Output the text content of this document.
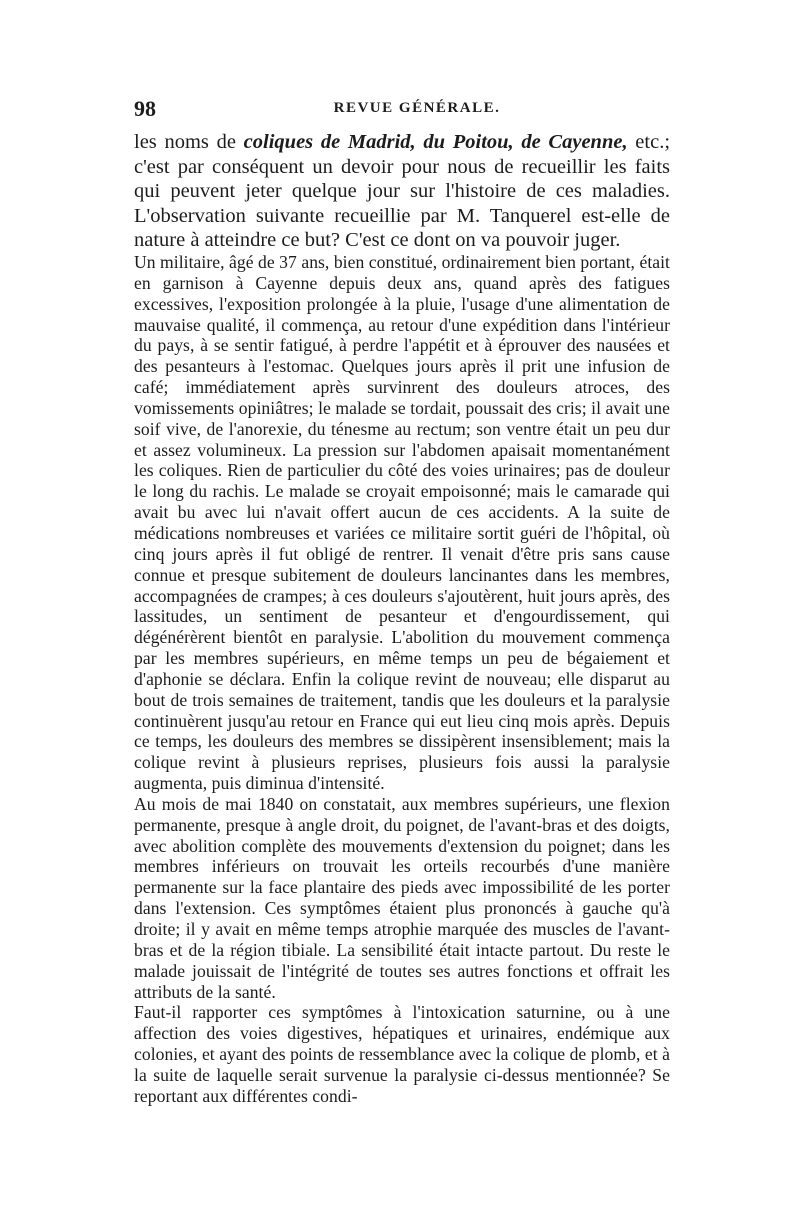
98	REVUE GÉNÉRALE.

les noms de coliques de Madrid, du Poitou, de Cayenne, etc.; c'est par conséquent un devoir pour nous de recueillir les faits qui peuvent jeter quelque jour sur l'histoire de ces maladies. L'observation suivante recueillie par M. Tanquerel est-elle de nature à atteindre ce but? C'est ce dont on va pouvoir juger.

Un militaire, âgé de 37 ans, bien constitué, ordinairement bien portant, était en garnison à Cayenne depuis deux ans, quand après des fatigues excessives, l'exposition prolongée à la pluie, l'usage d'une alimentation de mauvaise qualité, il commença, au retour d'une expédition dans l'intérieur du pays, à se sentir fatigué, à perdre l'appétit et à éprouver des nausées et des pesanteurs à l'estomac. Quelques jours après il prit une infusion de café; immédiatement après survinrent des douleurs atroces, des vomissements opiniâtres; le malade se tordait, poussait des cris; il avait une soif vive, de l'anorexie, du ténesme au rectum; son ventre était un peu dur et assez volumineux. La pression sur l'abdomen apaisait momentanément les coliques. Rien de particulier du côté des voies urinaires; pas de douleur le long du rachis. Le malade se croyait empoisonné; mais le camarade qui avait bu avec lui n'avait offert aucun de ces accidents. A la suite de médications nombreuses et variées ce militaire sortit guéri de l'hôpital, où cinq jours après il fut obligé de rentrer. Il venait d'être pris sans cause connue et presque subitement de douleurs lancinantes dans les membres, accompagnées de crampes; à ces douleurs s'ajoutèrent, huit jours après, des lassitudes, un sentiment de pesanteur et d'engourdissement, qui dégénérèrent bientôt en paralysie. L'abolition du mouvement commença par les membres supérieurs, en même temps un peu de bégaiement et d'aphonie se déclara. Enfin la colique revint de nouveau; elle disparut au bout de trois semaines de traitement, tandis que les douleurs et la paralysie continuèrent jusqu'au retour en France qui eut lieu cinq mois après. Depuis ce temps, les douleurs des membres se dissipèrent insensiblement; mais la colique revint à plusieurs reprises, plusieurs fois aussi la paralysie augmenta, puis diminua d'intensité.

Au mois de mai 1840 on constatait, aux membres supérieurs, une flexion permanente, presque à angle droit, du poignet, de l'avant-bras et des doigts, avec abolition complète des mouvements d'extension du poignet; dans les membres inférieurs on trouvait les orteils recourbés d'une manière permanente sur la face plantaire des pieds avec impossibilité de les porter dans l'extension. Ces symptômes étaient plus prononcés à gauche qu'à droite; il y avait en même temps atrophie marquée des muscles de l'avant-bras et de la région tibiale. La sensibilité était intacte partout. Du reste le malade jouissait de l'intégrité de toutes ses autres fonctions et offrait les attributs de la santé.

Faut-il rapporter ces symptômes à l'intoxication saturnine, ou à une affection des voies digestives, hépatiques et urinaires, endémique aux colonies, et ayant des points de ressemblance avec la colique de plomb, et à la suite de laquelle serait survenue la paralysie ci-dessus mentionnée? Se reportant aux différentes condi-
